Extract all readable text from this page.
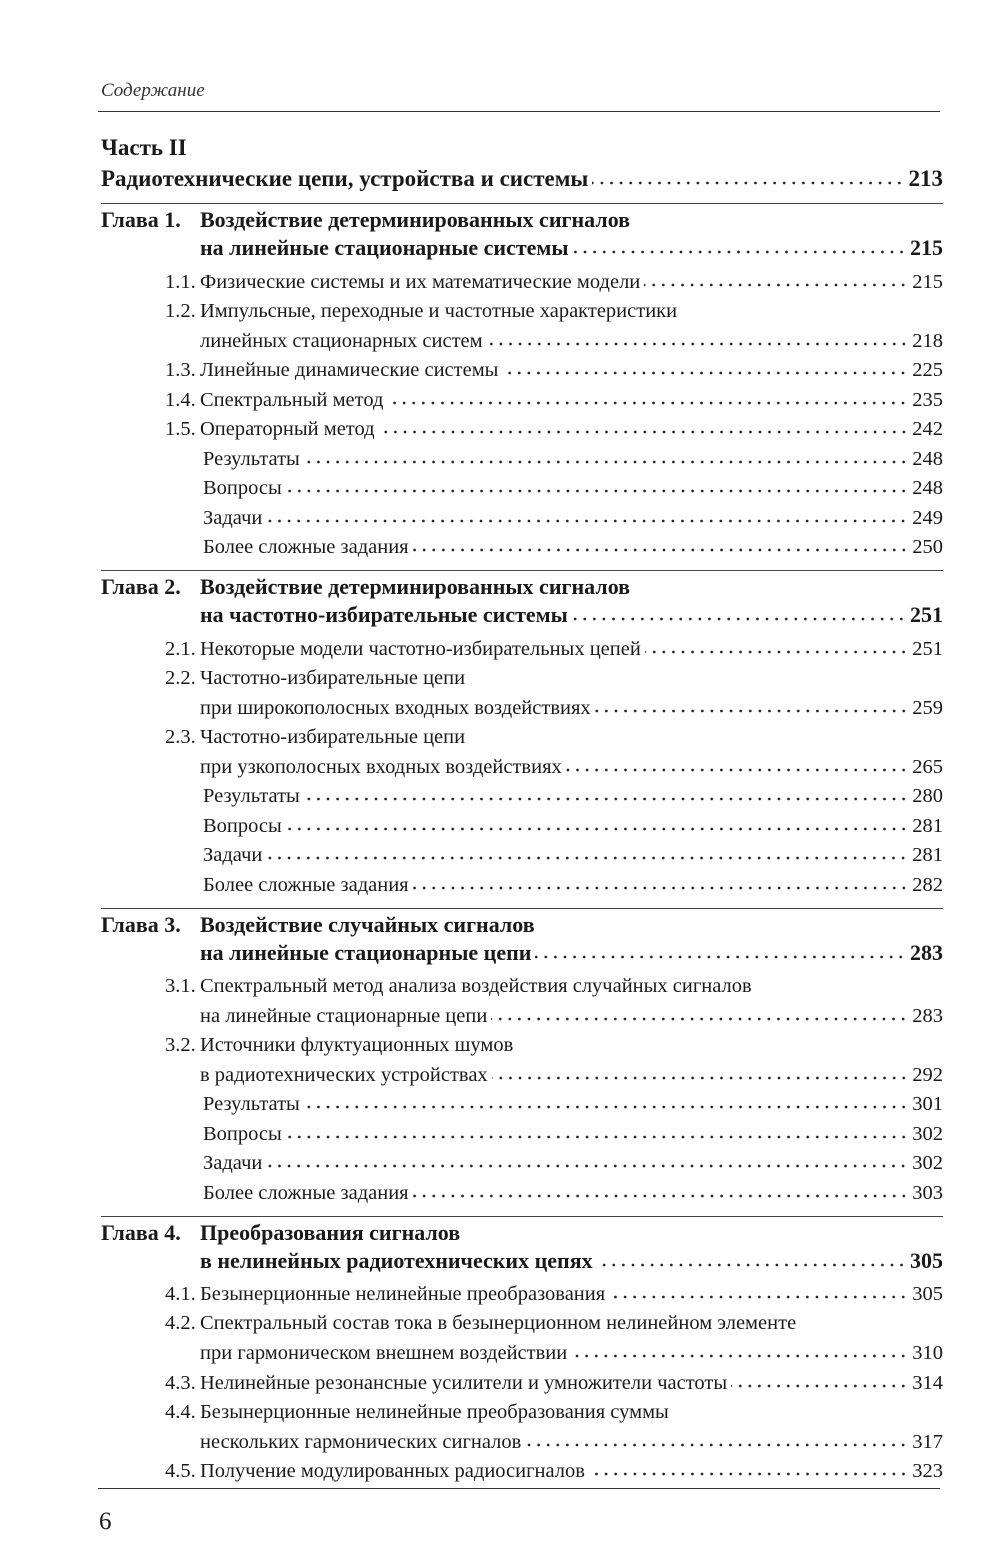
Содержание
Часть II
Радиотехнические цепи, устройства и системы	213
Глава 1. Воздействие детерминированных сигналов
на линейные стационарные системы	215
1.1. Физические системы и их математические модели	215
1.2. Импульсные, переходные и частотные характеристики
линейных стационарных систем	218
1.3. Линейные динамические системы	225
1.4. Спектральный метод	235
1.5. Операторный метод	242
Результаты	248
Вопросы	248
Задачи	249
Более сложные задания	250
Глава 2. Воздействие детерминированных сигналов
на частотно-избирательные системы	251
2.1. Некоторые модели частотно-избирательных цепей	251
2.2. Частотно-избирательные цепи
при широкополосных входных воздействиях	259
2.3. Частотно-избирательные цепи
при узкополосных входных воздействиях	265
Результаты	280
Вопросы	281
Задачи	281
Более сложные задания	282
Глава 3. Воздействие случайных сигналов
на линейные стационарные цепи	283
3.1. Спектральный метод анализа воздействия случайных сигналов
на линейные стационарные цепи	283
3.2. Источники флуктуационных шумов
в радиотехнических устройствах	292
Результаты	301
Вопросы	302
Задачи	302
Более сложные задания	303
Глава 4. Преобразования сигналов
в нелинейных радиотехнических цепях	305
4.1. Безынерционные нелинейные преобразования	305
4.2. Спектральный состав тока в безынерционном нелинейном элементе
при гармоническом внешнем воздействии	310
4.3. Нелинейные резонансные усилители и умножители частоты	314
4.4. Безынерционные нелинейные преобразования суммы
нескольких гармонических сигналов	317
4.5. Получение модулированных радиосигналов	323
6
